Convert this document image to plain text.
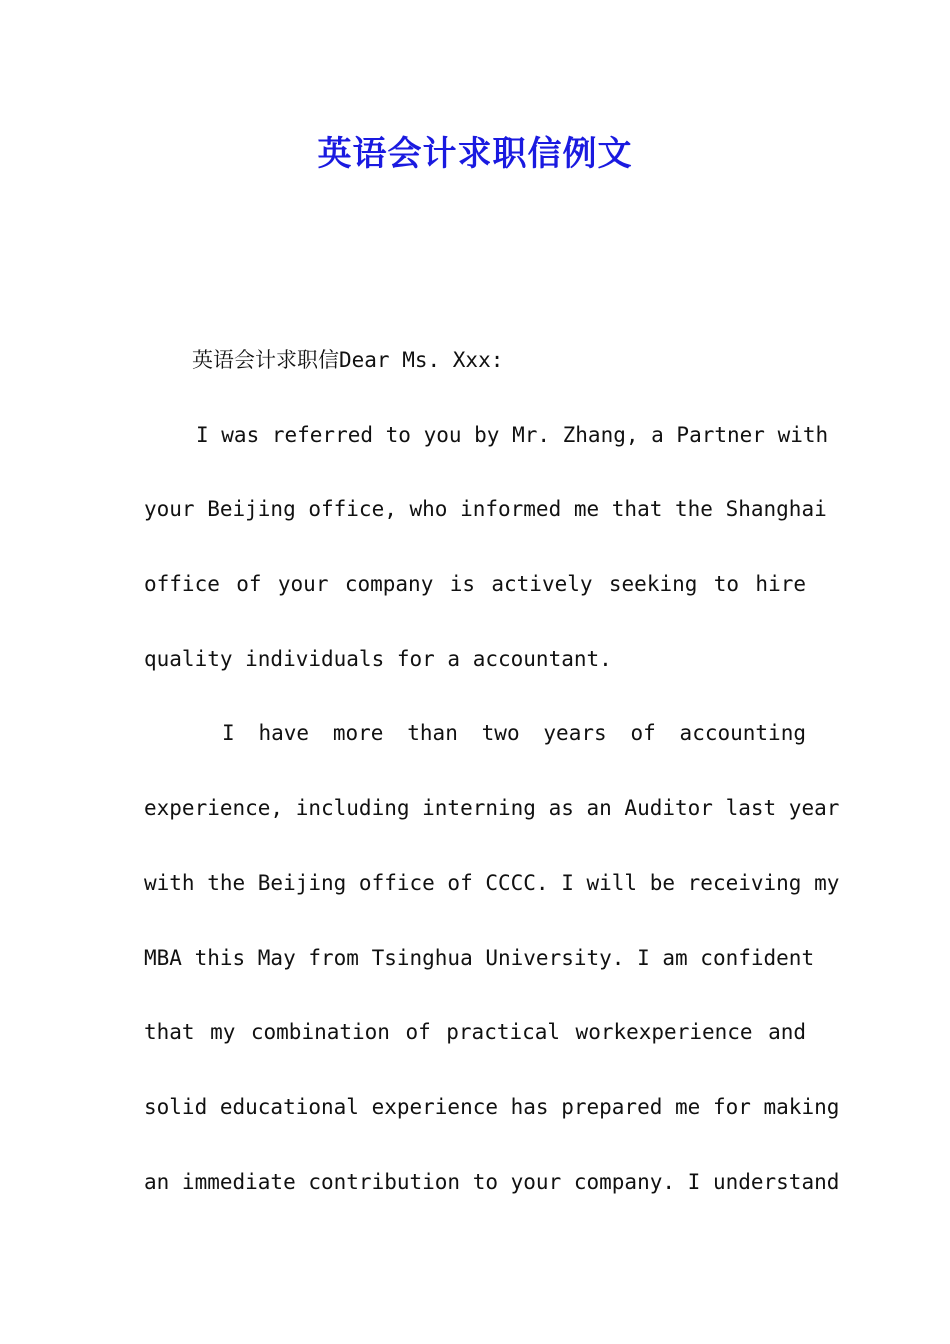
英语会计求职信例文
英语会计求职信Dear Ms. Xxx:
I was referred to you by Mr. Zhang, a Partner with
your Beijing office, who informed me that the Shanghai
office of your company is actively seeking to hire
quality individuals for a accountant.
I have more than two years of accounting
experience, including interning as an Auditor last year
with the Beijing office of CCCC. I will be receiving my
MBA this May from Tsinghua University. I am confident
that my combination of practical workexperience and
solid educational experience has prepared me for making
an immediate contribution to your company. I understand
